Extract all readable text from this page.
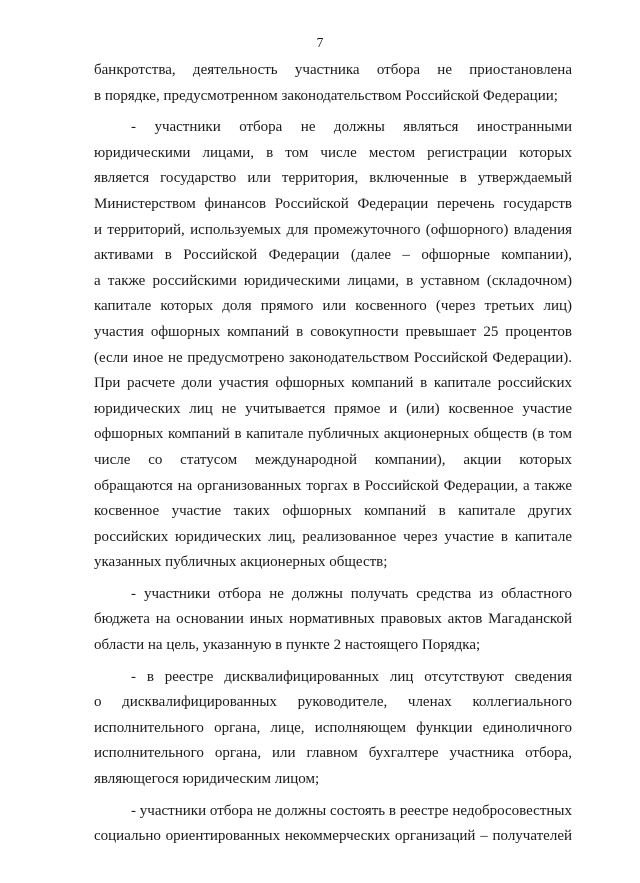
7
банкротства, деятельность участника отбора не приостановлена
в порядке, предусмотренном законодательством Российской Федерации;
- участники отбора не должны являться иностранными
юридическими лицами, в том числе местом регистрации которых
является государство или территория, включенные в утверждаемый
Министерством финансов Российской Федерации перечень государств
и территорий, используемых для промежуточного (офшорного) владения
активами в Российской Федерации (далее – офшорные компании),
а также российскими юридическими лицами, в уставном (складочном)
капитале которых доля прямого или косвенного (через третьих лиц)
участия офшорных компаний в совокупности превышает 25 процентов
(если иное не предусмотрено законодательством Российской Федерации).
При расчете доли участия офшорных компаний в капитале российских
юридических лиц не учитывается прямое и (или) косвенное участие
офшорных компаний в капитале публичных акционерных обществ (в том
числе со статусом международной компании), акции которых
обращаются на организованных торгах в Российской Федерации, а также
косвенное участие таких офшорных компаний в капитале других
российских юридических лиц, реализованное через участие в капитале
указанных публичных акционерных обществ;
- участники отбора не должны получать средства из областного
бюджета на основании иных нормативных правовых актов Магаданской
области на цель, указанную в пункте 2 настоящего Порядка;
- в реестре дисквалифицированных лиц отсутствуют сведения
о дисквалифицированных руководителе, членах коллегиального
исполнительного органа, лице, исполняющем функции единоличного
исполнительного органа, или главном бухгалтере участника отбора,
являющегося юридическим лицом;
- участники отбора не должны состоять в реестре недобросовестных
социально ориентированных некоммерческих организаций – получателей
